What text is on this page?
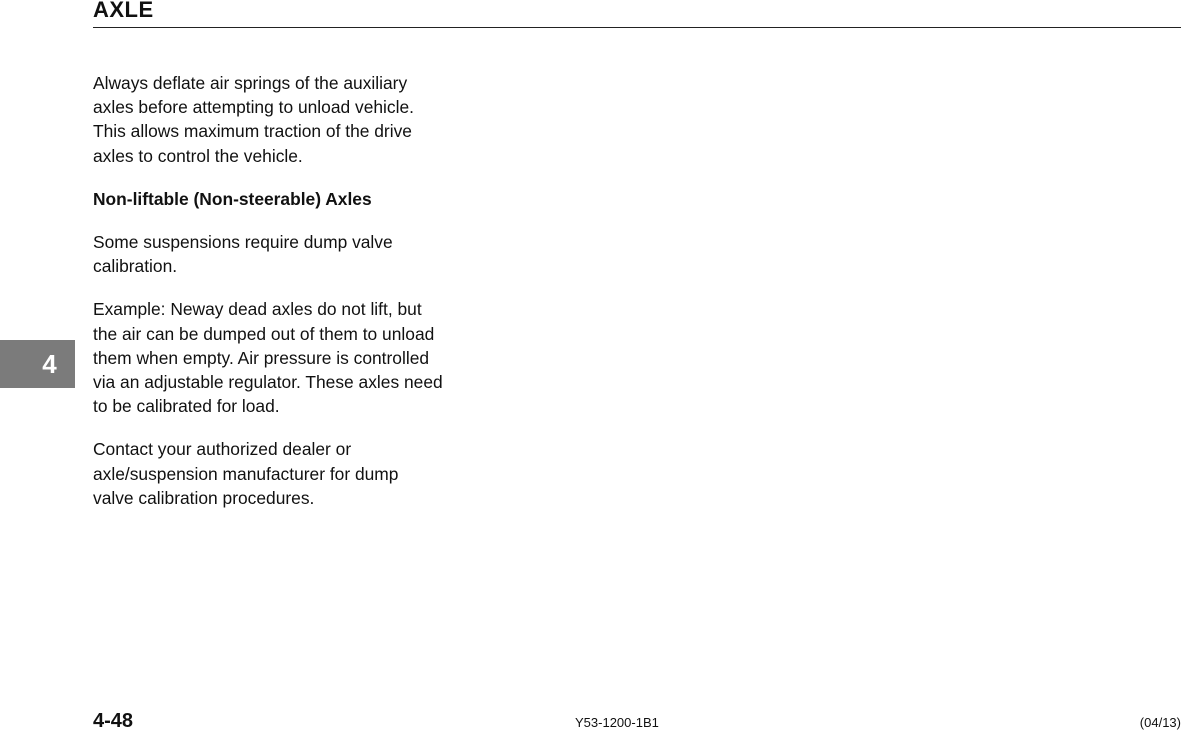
AXLE

Always deflate air springs of the auxiliary axles before attempting to unload vehicle. This allows maximum traction of the drive axles to control the vehicle.

Non-liftable (Non-steerable) Axles

Some suspensions require dump valve calibration.

Example: Neway dead axles do not lift, but the air can be dumped out of them to unload them when empty. Air pressure is controlled via an adjustable regulator. These axles need to be calibrated for load.

Contact your authorized dealer or axle/suspension manufacturer for dump valve calibration procedures.

4
4-48	Y53-1200-1B1	(04/13)
